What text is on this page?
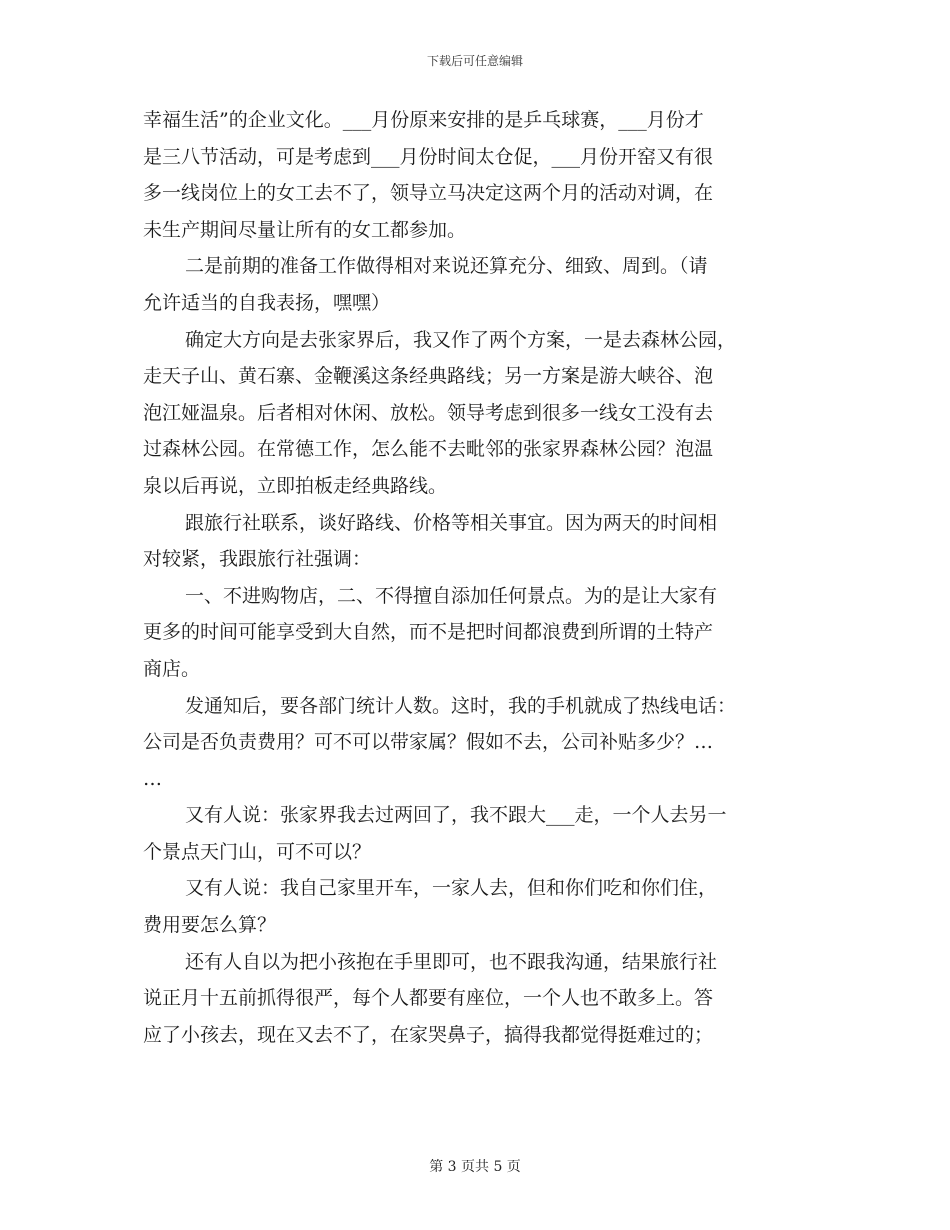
下载后可任意编辑
幸福生活”的企业文化。___月份原来安排的是乒乓球赛，___月份才
是三八节活动，可是考虑到___月份时间太仓促，___月份开窑又有很
多一线岗位上的女工去不了，领导立马决定这两个月的活动对调，在
未生产期间尽量让所有的女工都参加。
二是前期的准备工作做得相对来说还算充分、细致、周到。（请
允许适当的自我表扬，嘿嘿）
确定大方向是去张家界后，我又作了两个方案，一是去森林公园，
走天子山、黄石寨、金鞭溪这条经典路线；另一方案是游大峡谷、泡
泡江娅温泉。后者相对休闲、放松。领导考虑到很多一线女工没有去
过森林公园。在常德工作，怎么能不去毗邻的张家界森林公园？泡温
泉以后再说，立即拍板走经典路线。
跟旅行社联系，谈好路线、价格等相关事宜。因为两天的时间相
对较紧，我跟旅行社强调：
一、不进购物店，二、不得擅自添加任何景点。为的是让大家有
更多的时间可能享受到大自然，而不是把时间都浪费到所谓的土特产
商店。
发通知后，要各部门统计人数。这时，我的手机就成了热线电话：
公司是否负责费用？可不可以带家属？假如不去，公司补贴多少？…
…
又有人说：张家界我去过两回了，我不跟大___走，一个人去另一
个景点天门山，可不可以？
又有人说：我自己家里开车，一家人去，但和你们吃和你们住，
费用要怎么算？
还有人自以为把小孩抱在手里即可，也不跟我沟通，结果旅行社
说正月十五前抓得很严，每个人都要有座位，一个人也不敢多上。答
应了小孩去，现在又去不了，在家哭鼻子，搞得我都觉得挺难过的；
第 3 页共 5 页
